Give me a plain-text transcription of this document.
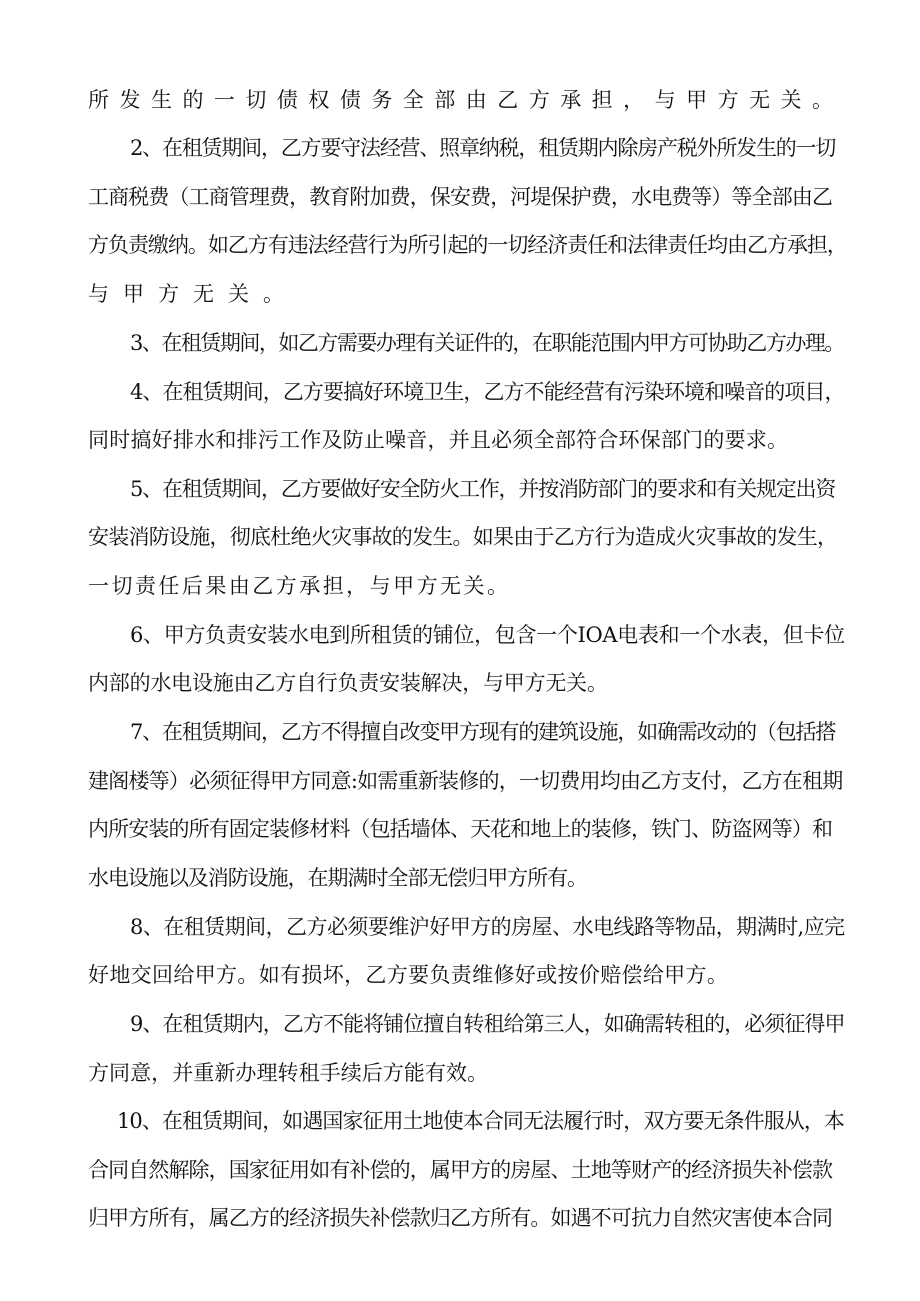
所发生的一切债权债务全部由乙方承担，与甲方无关。
2、在租赁期间，乙方要守法经营、照章纳税，租赁期内除房产税外所发生的一切
工商税费（工商管理费，教育附加费，保安费，河堤保护费，水电费等）等全部由乙
方负责缴纳。如乙方有违法经营行为所引起的一切经济责任和法律责任均由乙方承担，
与甲方无关。
3、在租赁期间，如乙方需要办理有关证件的，在职能范围内甲方可协助乙方办理。
4、在租赁期间，乙方要搞好环境卫生，乙方不能经营有污染环境和噪音的项目，
同时搞好排水和排污工作及防止噪音，并且必须全部符合环保部门的要求。
5、在租赁期间，乙方要做好安全防火工作，并按消防部门的要求和有关规定出资
安装消防设施，彻底杜绝火灾事故的发生。如果由于乙方行为造成火灾事故的发生，
一切责任后果由乙方承担，与甲方无关。
6、甲方负责安装水电到所租赁的铺位，包含一个IOA电表和一个水表，但卡位
内部的水电设施由乙方自行负责安装解决，与甲方无关。
7、在租赁期间，乙方不得擅自改变甲方现有的建筑设施，如确需改动的（包括搭
建阁楼等）必须征得甲方同意:如需重新装修的，一切费用均由乙方支付，乙方在租期
内所安装的所有固定装修材料（包括墙体、天花和地上的装修，铁门、防盗网等）和
水电设施以及消防设施，在期满时全部无偿归甲方所有。
8、在租赁期间，乙方必须要维沪好甲方的房屋、水电线路等物品，期满时,应完
好地交回给甲方。如有损坏，乙方要负责维修好或按价赔偿给甲方。
9、在租赁期内，乙方不能将铺位擅自转租给第三人，如确需转租的，必须征得甲
方同意，并重新办理转租手续后方能有效。
10、在租赁期间，如遇国家征用土地使本合同无法履行时，双方要无条件服从，本
合同自然解除，国家征用如有补偿的，属甲方的房屋、土地等财产的经济损失补偿款
归甲方所有，属乙方的经济损失补偿款归乙方所有。如遇不可抗力自然灾害使本合同
